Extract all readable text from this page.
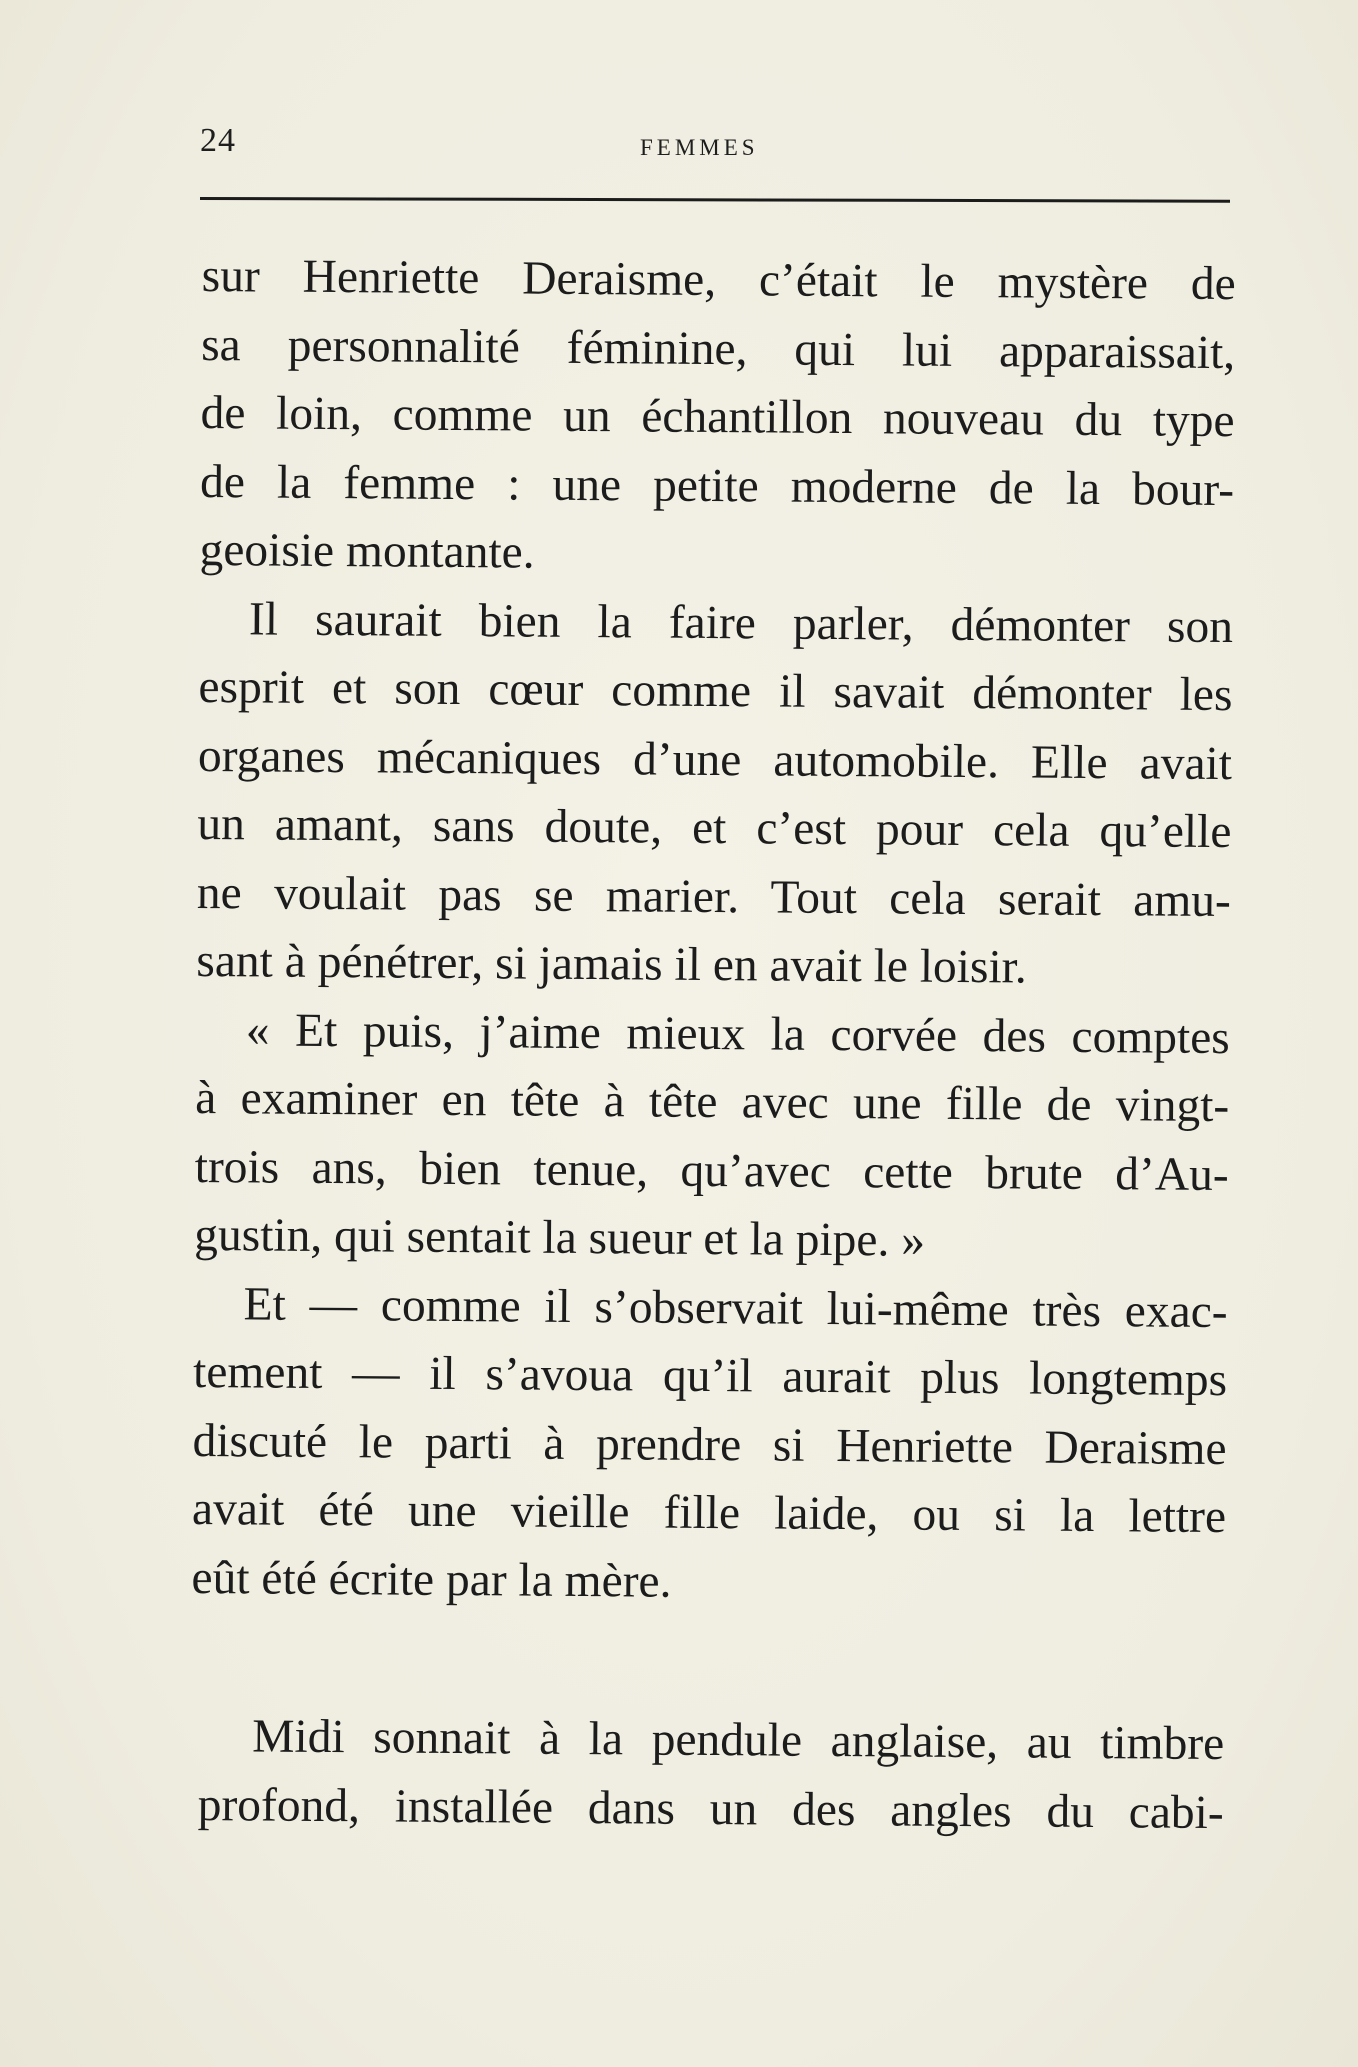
24	FEMMES
sur Henriette Deraisme, c’était le mystère de
sa personnalité féminine, qui lui apparaissait,
de loin, comme un échantillon nouveau du type
de la femme : une petite moderne de la bour-
geoisie montante.
Il saurait bien la faire parler, démonter son
esprit et son cœur comme il savait démonter les
organes mécaniques d’une automobile. Elle avait
un amant, sans doute, et c’est pour cela qu’elle
ne voulait pas se marier. Tout cela serait amu-
sant à pénétrer, si jamais il en avait le loisir.
« Et puis, j’aime mieux la corvée des comptes
à examiner en tête à tête avec une fille de vingt-
trois ans, bien tenue, qu’avec cette brute d’Au-
gustin, qui sentait la sueur et la pipe. »
Et — comme il s’observait lui-même très exac-
tement — il s’avoua qu’il aurait plus longtemps
discuté le parti à prendre si Henriette Deraisme
avait été une vieille fille laide, ou si la lettre
eût été écrite par la mère.
Midi sonnait à la pendule anglaise, au timbre
profond, installée dans un des angles du cabi-
